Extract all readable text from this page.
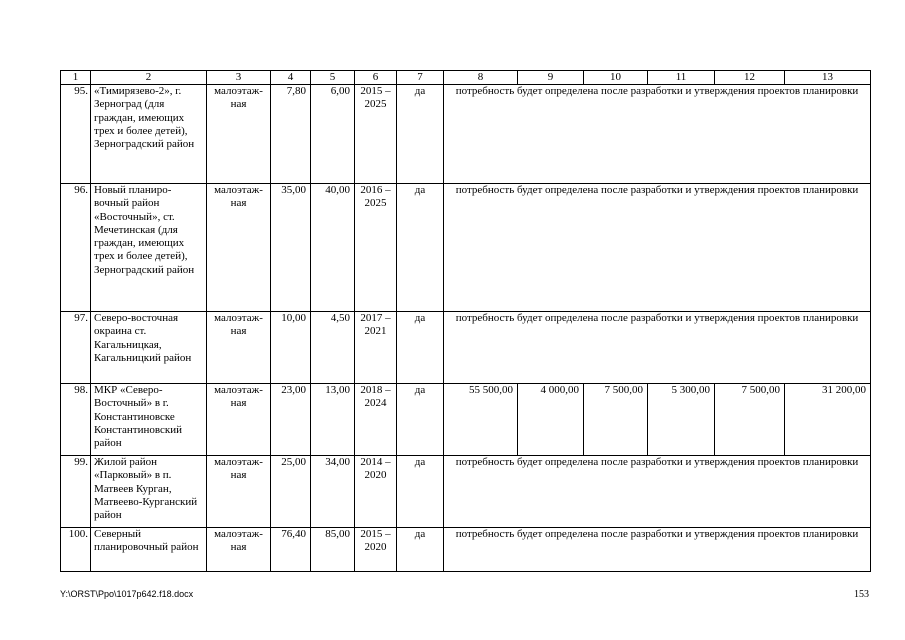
1	2	3	4	5	6	7	8	9	10	11	12	13
95.	«Тимирязево-2», г. Зерноград (для граждан, имеющих трех и более детей), Зерноградский район	малоэтаж-ная	7,80	6,00	2015 – 2025	да	потребность будет определена после разработки и утверждения проектов планировки					
96.	Новый планиро-вочный район «Восточный», ст. Мечетинская (для граждан, имеющих трех и более детей), Зерноградский район	малоэтаж-ная	35,00	40,00	2016 – 2025	да	потребность будет определена после разработки и утверждения проектов планировки					
97.	Северо-восточная окраина ст. Кагальницкая, Кагальницкий район	малоэтаж-ная	10,00	4,50	2017 – 2021	да	потребность будет определена после разработки и утверждения проектов планировки					
98.	МКР «Северо-Восточный» в г. Константиновске Константиновский район	малоэтаж-ная	23,00	13,00	2018 – 2024	да	55 500,00	4 000,00	7 500,00	5 300,00	7 500,00	31 200,00
99.	Жилой район «Парковый» в п. Матвеев Курган, Матвеево-Курганский район	малоэтаж-ная	25,00	34,00	2014 – 2020	да	потребность будет определена после разработки и утверждения проектов планировки					
100.	Северный планировочный район	малоэтаж-ная	76,40	85,00	2015 – 2020	да	потребность будет определена после разработки и утверждения проектов планировки					
Y:\ORST\Ppo\1017p642.f18.docx	153
